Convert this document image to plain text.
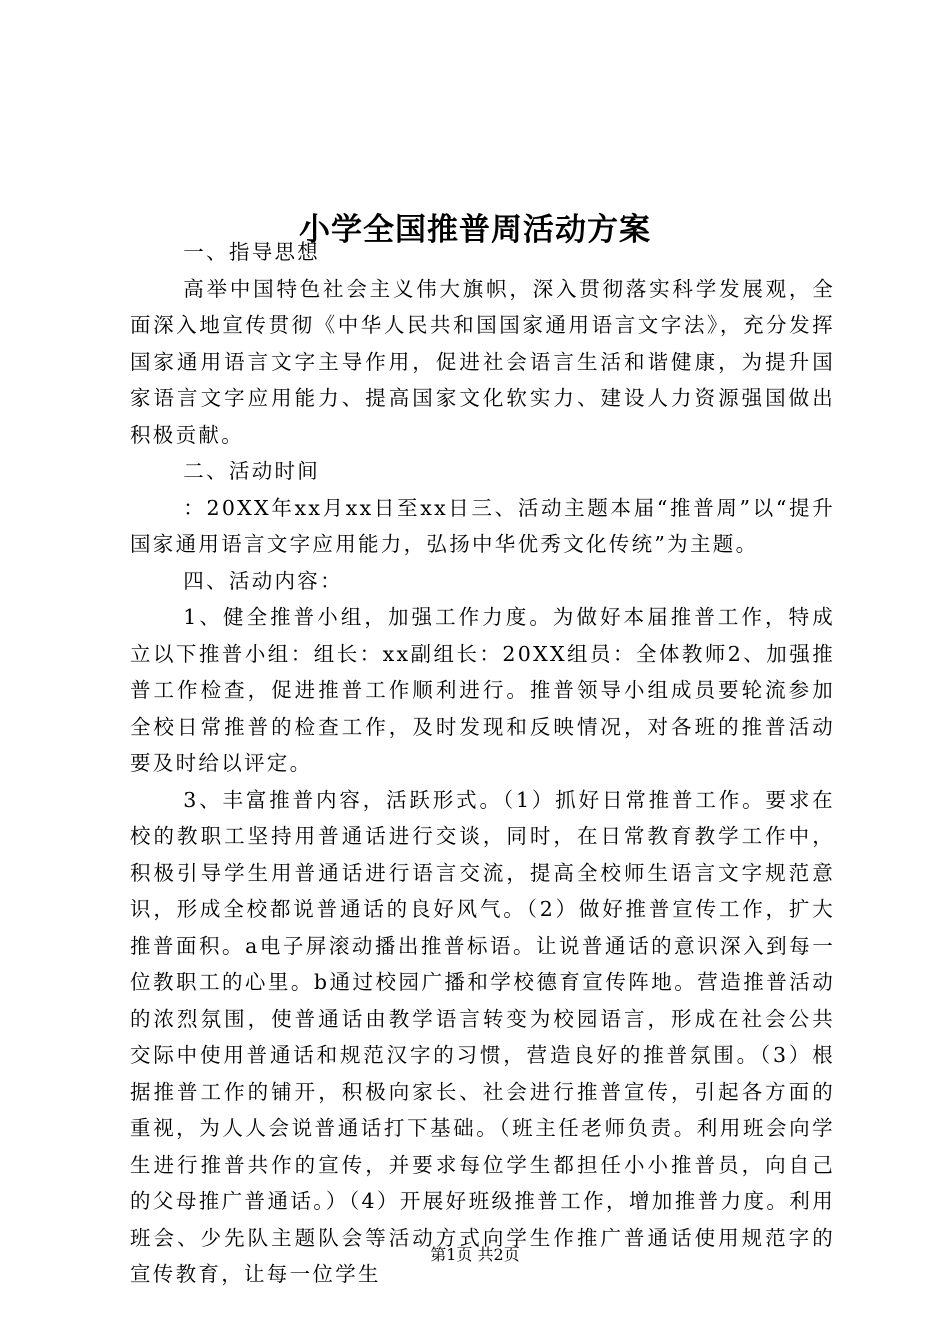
小学全国推普周活动方案

一、指导思想

高举中国特色社会主义伟大旗帜，深入贯彻落实科学发展观，全面深入地宣传贯彻《中华人民共和国国家通用语言文字法》，充分发挥国家通用语言文字主导作用，促进社会语言生活和谐健康，为提升国家语言文字应用能力、提高国家文化软实力、建设人力资源强国做出积极贡献。

二、活动时间

：20XX年xx月xx日至xx日三、活动主题本届“推普周”以“提升国家通用语言文字应用能力，弘扬中华优秀文化传统”为主题。

四、活动内容：

1、健全推普小组，加强工作力度。为做好本届推普工作，特成立以下推普小组：组长：xx副组长：20XX组员：全体教师2、加强推普工作检查，促进推普工作顺利进行。推普领导小组成员要轮流参加全校日常推普的检查工作，及时发现和反映情况，对各班的推普活动要及时给以评定。

3、丰富推普内容，活跃形式。（1）抓好日常推普工作。要求在校的教职工坚持用普通话进行交谈，同时，在日常教育教学工作中，积极引导学生用普通话进行语言交流，提高全校师生语言文字规范意识，形成全校都说普通话的良好风气。（2）做好推普宣传工作，扩大推普面积。a电子屏滚动播出推普标语。让说普通话的意识深入到每一位教职工的心里。b通过校园广播和学校德育宣传阵地。营造推普活动的浓烈氛围，使普通话由教学语言转变为校园语言，形成在社会公共交际中使用普通话和规范汉字的习惯，营造良好的推普氛围。（3）根据推普工作的铺开，积极向家长、社会进行推普宣传，引起各方面的重视，为人人会说普通话打下基础。（班主任老师负责。利用班会向学生进行推普共作的宣传，并要求每位学生都担任小小推普员，向自己的父母推广普通话。）（4）开展好班级推普工作，增加推普力度。利用班会、少先队主题队会等活动方式向学生作推广普通话使用规范字的宣传教育，让每一位学生

第1页 共2页
